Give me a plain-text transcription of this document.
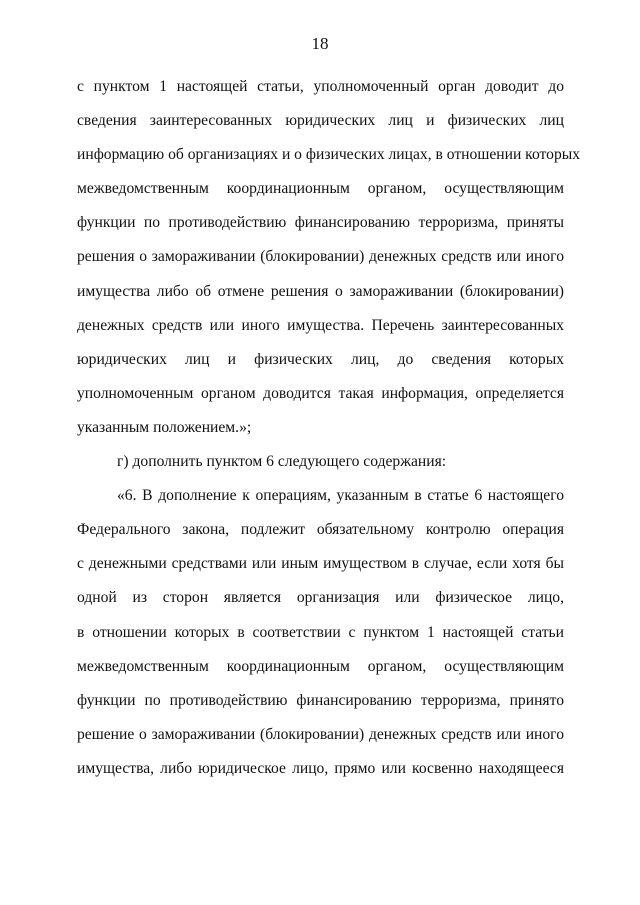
18
с пунктом 1 настоящей статьи, уполномоченный орган доводит до
сведения заинтересованных юридических лиц и физических лиц
информацию об организациях и о физических лицах, в отношении которых
межведомственным координационным органом, осуществляющим
функции по противодействию финансированию терроризма, приняты
решения о замораживании (блокировании) денежных средств или иного
имущества либо об отмене решения о замораживании (блокировании)
денежных средств или иного имущества. Перечень заинтересованных
юридических лиц и физических лиц, до сведения которых
уполномоченным органом доводится такая информация, определяется
указанным положением.»;
г) дополнить пунктом 6 следующего содержания:
«6. В дополнение к операциям, указанным в статье 6 настоящего
Федерального закона, подлежит обязательному контролю операция
с денежными средствами или иным имуществом в случае, если хотя бы
одной из сторон является организация или физическое лицо,
в отношении которых в соответствии с пунктом 1 настоящей статьи
межведомственным координационным органом, осуществляющим
функции по противодействию финансированию терроризма, принято
решение о замораживании (блокировании) денежных средств или иного
имущества, либо юридическое лицо, прямо или косвенно находящееся
